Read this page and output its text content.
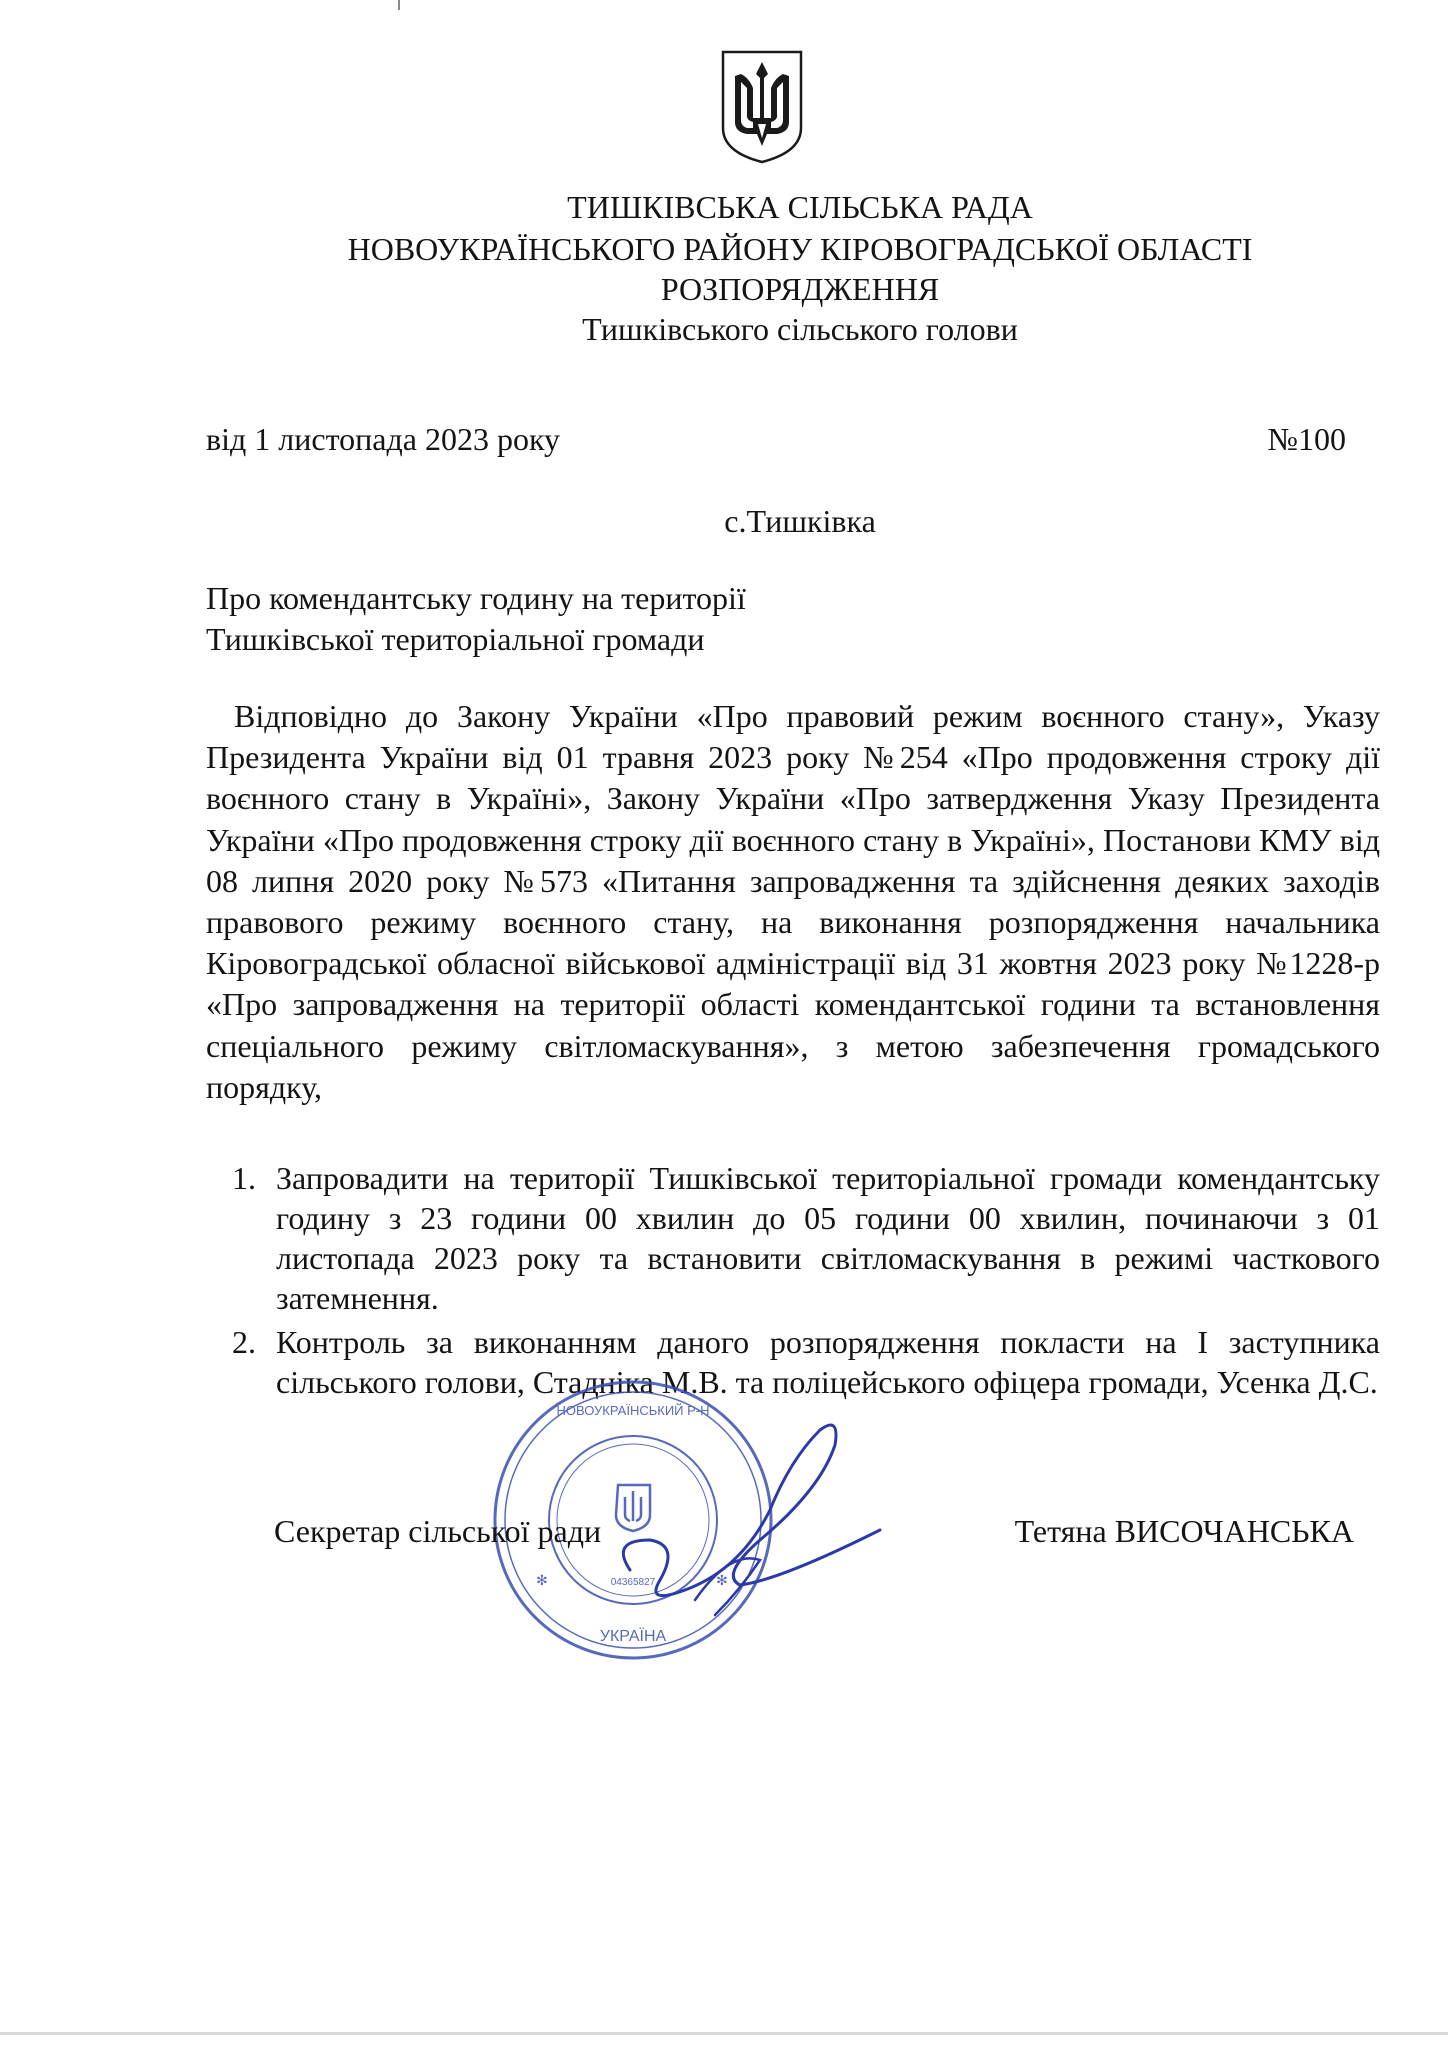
ТИШКІВСЬКА СІЛЬСЬКА РАДА
НОВОУКРАЇНСЬКОГО РАЙОНУ КІРОВОГРАДСЬКОЇ ОБЛАСТІ
РОЗПОРЯДЖЕННЯ
Тишківського сільського голови
від 1 листопада 2023 року	№100
с.Тишківка
Про комендантську годину на території
Тишківської територіальної громади

Відповідно до Закону України «Про правовий режим воєнного стану», Указу Президента України від 01 травня 2023 року №254 «Про продовження строку дії воєнного стану в Україні», Закону України «Про затвердження Указу Президента України «Про продовження строку дії воєнного стану в Україні», Постанови КМУ від 08 липня 2020 року №573 «Питання запровадження та здійснення деяких заходів правового режиму воєнного стану, на виконання розпорядження начальника Кіровоградської обласної військової адміністрації від 31 жовтня 2023 року №1228-р «Про запровадження на території області комендантської години та встановлення спеціального режиму світломаскування», з метою забезпечення громадського порядку,

1. Запровадити на території Тишківської територіальної громади комендантську годину з 23 години 00 хвилин до 05 години 00 хвилин, починаючи з 01 листопада 2023 року та встановити світломаскування в режимі часткового затемнення.
2. Контроль за виконанням даного розпорядження покласти на І заступника сільського голови, Стадніка М.В. та поліцейського офіцера громади, Усенка Д.С.
НОВОУКРАЇНСЬКИЙ Р-Н
УКРАЇНА
04365827
✻	✻
Секретар сільської ради	Тетяна ВИСОЧАНСЬКА
